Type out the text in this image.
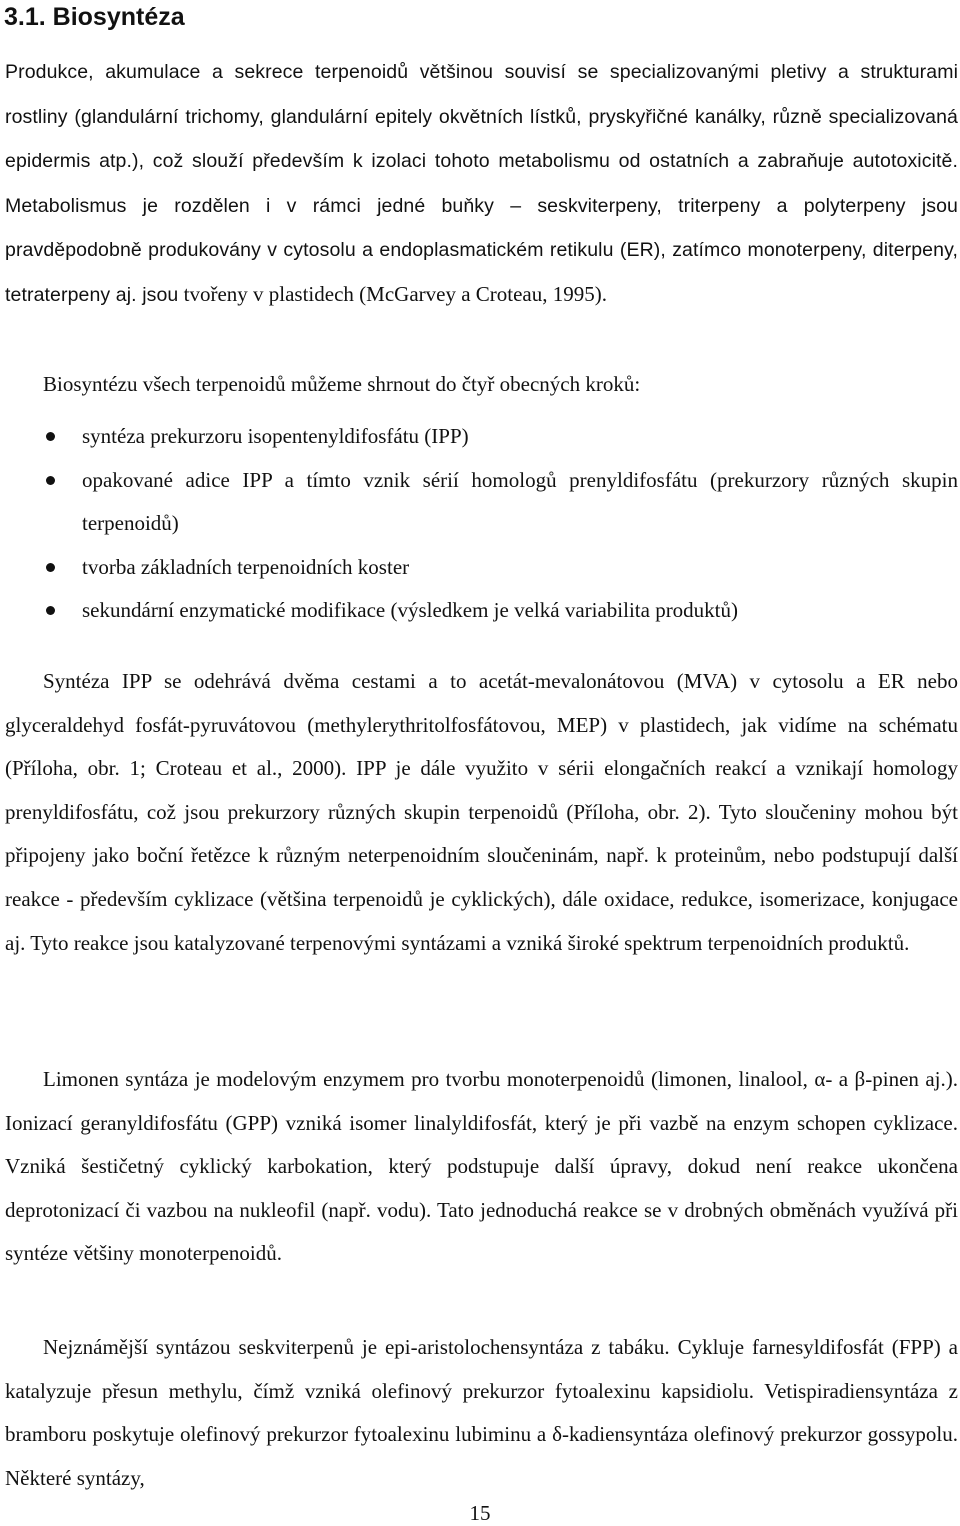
3.1. Biosyntéza

Produkce, akumulace a sekrece terpenoidů většinou souvisí se specializovanými pletivy a strukturami rostliny (glandulární trichomy, glandulární epitely okvětních lístků, pryskyřičné kanálky, různě specializovaná epidermis atp.), což slouží především k izolaci tohoto metabolismu od ostatních a zabraňuje autotoxicitě. Metabolismus je rozdělen i v rámci jedné buňky – seskviterpeny, triterpeny a polyterpeny jsou pravděpodobně produkovány v cytosolu a endoplasmatickém retikulu (ER), zatímco monoterpeny, diterpeny, tetraterpeny aj. jsou tvořeny v plastidech (McGarvey a Croteau, 1995).

Biosyntézu všech terpenoidů můžeme shrnout do čtyř obecných kroků:

syntéza prekurzoru isopentenyldifosfátu (IPP)
opakované adice IPP a tímto vznik sérií homologů prenyldifosfátu (prekurzory různých skupin terpenoidů)
tvorba základních terpenoidních koster
sekundární enzymatické modifikace (výsledkem je velká variabilita produktů)

Syntéza IPP se odehrává dvěma cestami a to acetát-mevalonátovou (MVA) v cytosolu a ER nebo glyceraldehyd fosfát-pyruvátovou (methylerythritolfosfátovou, MEP) v plastidech, jak vidíme na schématu (Příloha, obr. 1; Croteau et al., 2000). IPP je dále využito v sérii elongačních reakcí a vznikají homology prenyldifosfátu, což jsou prekurzory různých skupin terpenoidů (Příloha, obr. 2). Tyto sloučeniny mohou být připojeny jako boční řetězce k různým neterpenoidním sloučeninám, např. k proteinům, nebo podstupují další reakce - především cyklizace (většina terpenoidů je cyklických), dále oxidace, redukce, isomerizace, konjugace aj. Tyto reakce jsou katalyzované terpenovými syntázami a vzniká široké spektrum terpenoidních produktů.

Limonen syntáza je modelovým enzymem pro tvorbu monoterpenoidů (limonen, linalool, α- a β-pinen aj.). Ionizací geranyldifosfátu (GPP) vzniká isomer linalyldifosfát, který je při vazbě na enzym schopen cyklizace. Vzniká šestičetný cyklický karbokation, který podstupuje další úpravy, dokud není reakce ukončena deprotonizací či vazbou na nukleofil (např. vodu). Tato jednoduchá reakce se v drobných obměnách využívá při syntéze většiny monoterpenoidů.

Nejznámější syntázou seskviterpenů je epi-aristolochensyntáza z tabáku. Cykluje farnesyldifosfát (FPP) a katalyzuje přesun methylu, čímž vzniká olefinový prekurzor fytoalexinu kapsidiolu. Vetispiradiensyntáza z bramboru poskytuje olefinový prekurzor fytoalexinu lubiminu a δ-kadiensyntáza olefinový prekurzor gossypolu. Některé syntázy,

15
